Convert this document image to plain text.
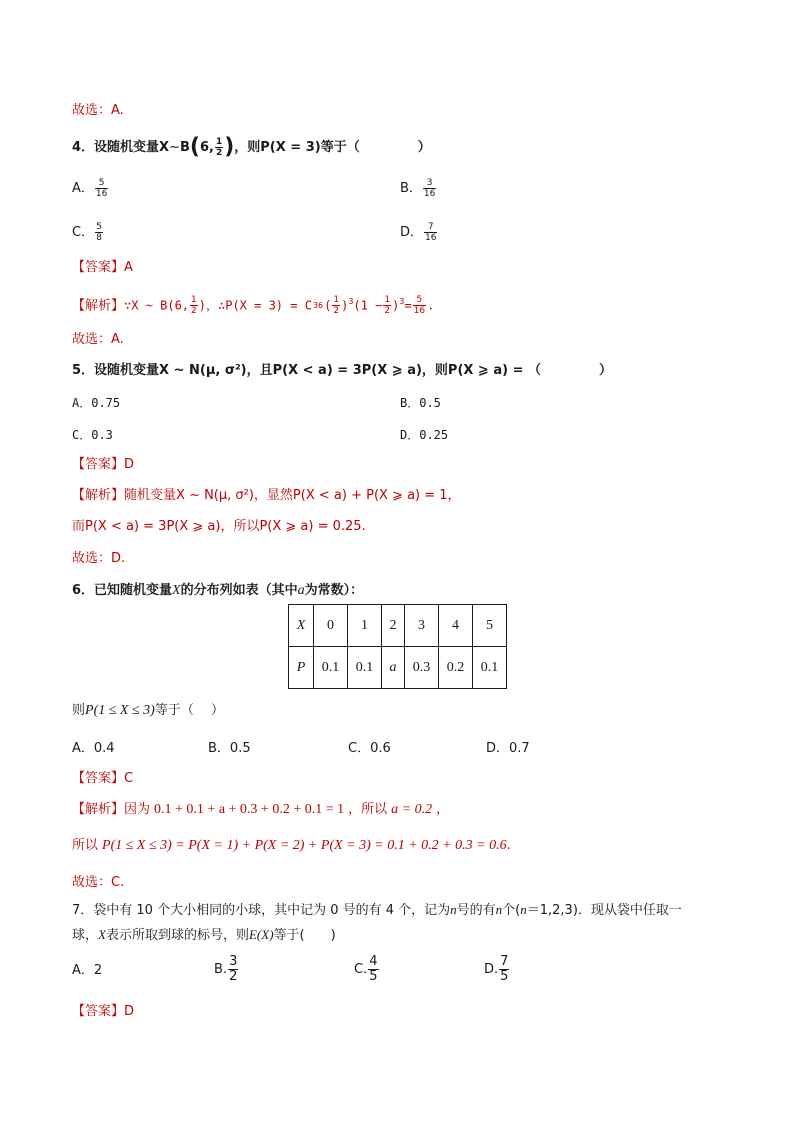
故选：A.
4．设随机变量X~B(6, $\frac{1}{2}$ )，则P(X = 3)等于（	）
A． $\frac{5}{16}$	B． $\frac{3}{16}$
C． $\frac{5}{8}$	D． $\frac{7}{16}$
【答案】A
【解析】∵X ~ B(6, $\frac{1}{2}$ )，∴P(X = $3) = C36( \frac{1}{2} )^3(1 - \frac{1}{2} )^3= \frac{5}{16}$ .
故选：A.
5．设随机变量X ~ N(μ, σ²)，且P(X < a) = 3P(X ⩾ a)，则P(X ⩾ a) = （	）
A．0.75	B．0.5
C．0.3	D．0.25
【答案】D
【解析】随机变量X ~ N(μ, σ²)，显然P(X < a) + P(X ⩾ a) = 1，
而P(X < a) = 3P(X ⩾ a)，所以P(X ⩾ a) = 0.25.
故选：D.
6．已知随机变量X的分布列如表（其中a为常数）：
X	0	1	2	3	4	5
P	0.1	0.1	a	0.3	0.2	0.1
则P(1 ≤ X ≤ 3)等于（　 ）
A．0.4	B．0.5	C．0.6	D．0.7
【答案】C
【解析】因为 0.1 + 0.1 + a + 0.3 + 0.2 + 0.1 = 1 ，所以 a = 0.2 ，
所以 P(1 ≤ X ≤ 3) = P(X = 1) + P(X = 2) + P(X = 3) = 0.1 + 0.2 + 0.3 = 0.6.
故选：C.
7．袋中有 10 个大小相同的小球，其中记为 0 号的有 4 个，记为n号的有n个(n＝1,2,3)．现从袋中任取一
球，X表示所取到球的标号，则E(X)等于(　　)
A．2	B. $\frac{3}{2}$	C. $\frac{4}{5}$	D. $\frac{7}{5}$
【答案】D
